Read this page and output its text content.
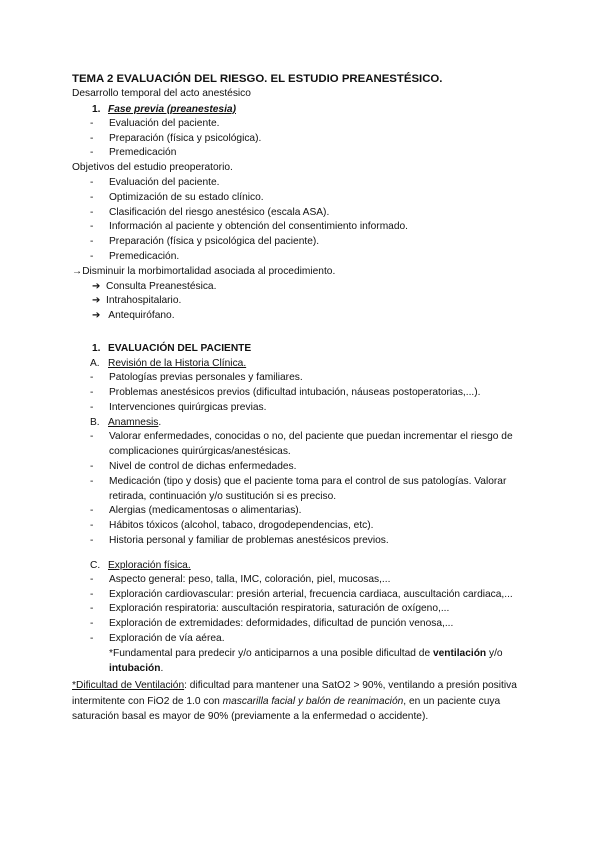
TEMA 2 EVALUACIÓN DEL RIESGO. EL ESTUDIO PREANESTÉSICO.

Desarrollo temporal del acto anestésico

1. Fase previa (preanestesia)

- Evaluación del paciente.
- Preparación (física y psicológica).
- Premedicación

Objetivos del estudio preoperatorio.

- Evaluación del paciente.
- Optimización de su estado clínico.
- Clasificación del riesgo anestésico (escala ASA).
- Información al paciente y obtención del consentimiento informado.
- Preparación (física y psicológica del paciente).
- Premedicación.

→Disminuir la morbimortalidad asociada al procedimiento.

➔ Consulta Preanestésica.
➔ Intrahospitalario.
➔ Antequirófano.

1. EVALUACIÓN DEL PACIENTE

A. Revisión de la Historia Clínica.

- Patologías previas personales y familiares.
- Problemas anestésicos previos (dificultad intubación, náuseas postoperatorias,...).
- Intervenciones quirúrgicas previas.

B. Anamnesis.

- Valorar enfermedades, conocidas o no, del paciente que puedan incrementar el riesgo de complicaciones quirúrgicas/anestésicas.
- Nivel de control de dichas enfermedades.
- Medicación (tipo y dosis) que el paciente toma para el control de sus patologías. Valorar retirada, continuación y/o sustitución si es preciso.
- Alergias (medicamentosas o alimentarias).
- Hábitos tóxicos (alcohol, tabaco, drogodependencias, etc).
- Historia personal y familiar de problemas anestésicos previos.

C. Exploración física.

- Aspecto general: peso, talla, IMC, coloración, piel, mucosas,...
- Exploración cardiovascular: presión arterial, frecuencia cardiaca, auscultación cardiaca,...
- Exploración respiratoria: auscultación respiratoria, saturación de oxígeno,...
- Exploración de extremidades: deformidades, dificultad de punción venosa,...
- Exploración de vía aérea.

*Fundamental para predecir y/o anticiparnos a una posible dificultad de ventilación y/o intubación.

*Dificultad de Ventilación: dificultad para mantener una SatO2 > 90%, ventilando a presión positiva intermitente con FiO2 de 1.0 con mascarilla facial y balón de reanimación, en un paciente cuya saturación basal es mayor de 90% (previamente a la enfermedad o accidente).
